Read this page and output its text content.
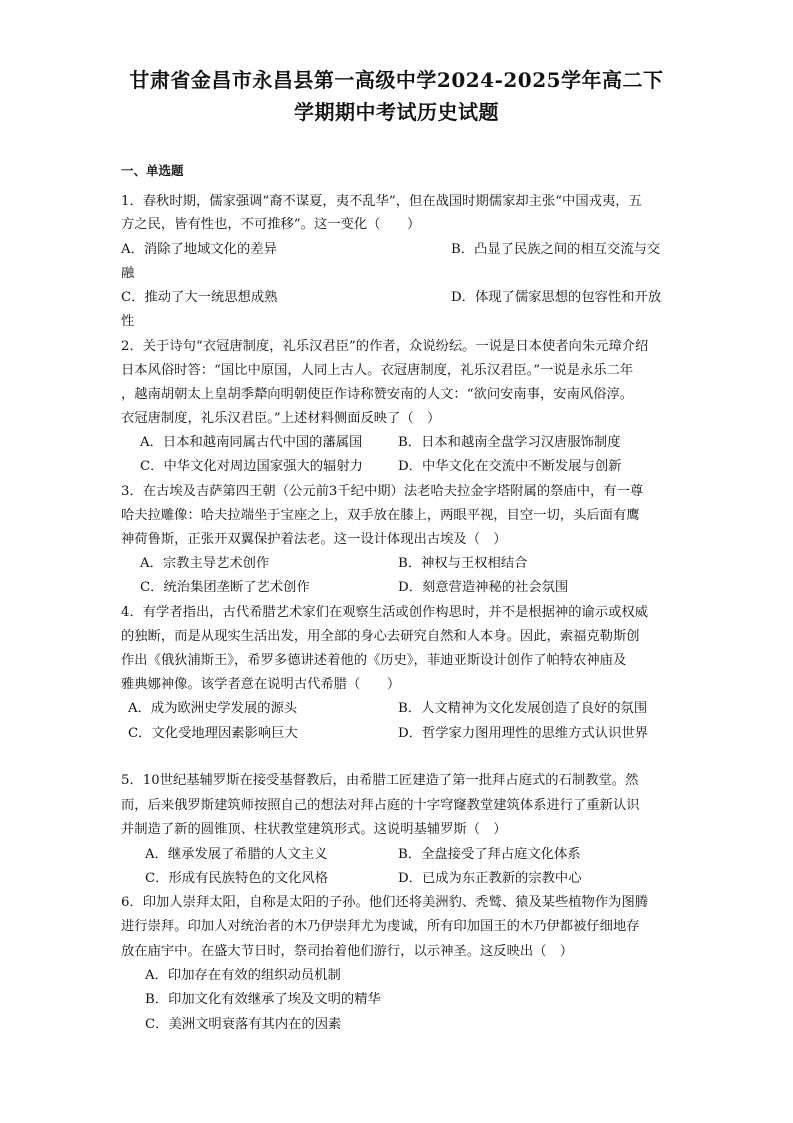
甘肃省金昌市永昌县第一高级中学2024-2025学年高二下
学期期中考试历史试题
一、单选题
1．春秋时期，儒家强调“裔不谋夏，夷不乱华”，但在战国时期儒家却主张“中国戎夷，五
方之民，皆有性也，不可推移”。这一变化（　　）
A．消除了地域文化的差异	B．凸显了民族之间的相互交流与交
融
C．推动了大一统思想成熟	D．体现了儒家思想的包容性和开放
性
2．关于诗句“衣冠唐制度，礼乐汉君臣”的作者，众说纷纭。一说是日本使者向朱元璋介绍
日本风俗时答：“国比中原国，人同上古人。衣冠唐制度，礼乐汉君臣。”一说是永乐二年
，越南胡朝太上皇胡季犛向明朝使臣作诗称赞安南的人文：“欲问安南事，安南风俗淳。
衣冠唐制度，礼乐汉君臣。”上述材料侧面反映了（　）
A．日本和越南同属古代中国的藩属国	B．日本和越南全盘学习汉唐服饰制度
C．中华文化对周边国家强大的辐射力	D．中华文化在交流中不断发展与创新
3．在古埃及吉萨第四王朝（公元前3千纪中期）法老哈夫拉金字塔附属的祭庙中，有一尊
哈夫拉雕像：哈夫拉端坐于宝座之上，双手放在膝上，两眼平视，目空一切，头后面有鹰
神荷鲁斯，正张开双翼保护着法老。这一设计体现出古埃及（　）
A．宗教主导艺术创作	B．神权与王权相结合
C．统治集团垄断了艺术创作	D．刻意营造神秘的社会氛围
4．有学者指出，古代希腊艺术家们在观察生活或创作构思时，并不是根据神的谕示或权威
的独断，而是从现实生活出发，用全部的身心去研究自然和人本身。因此，索福克勒斯创
作出《俄狄浦斯王》，希罗多德讲述着他的《历史》，菲迪亚斯设计创作了帕特农神庙及
雅典娜神像。该学者意在说明古代希腊（　　）
A．成为欧洲史学发展的源头	B．人文精神为文化发展创造了良好的氛围
C．文化受地理因素影响巨大	D．哲学家力图用理性的思维方式认识世界
5．10世纪基辅罗斯在接受基督教后，由希腊工匠建造了第一批拜占庭式的石制教堂。然
而，后来俄罗斯建筑师按照自己的想法对拜占庭的十字穹窿教堂建筑体系进行了重新认识
并制造了新的圆锥顶、柱状教堂建筑形式。这说明基辅罗斯（　）
A．继承发展了希腊的人文主义	B．全盘接受了拜占庭文化体系
C．形成有民族特色的文化风格	D．已成为东正教新的宗教中心
6．印加人崇拜太阳，自称是太阳的子孙。他们还将美洲豹、秃鹫、猿及某些植物作为图腾
进行崇拜。印加人对统治者的木乃伊崇拜尤为虔诚，所有印加国王的木乃伊都被仔细地存
放在庙宇中。在盛大节日时，祭司抬着他们游行，以示神圣。这反映出（　）
A．印加存在有效的组织动员机制
B．印加文化有效继承了埃及文明的精华
C．美洲文明衰落有其内在的因素
